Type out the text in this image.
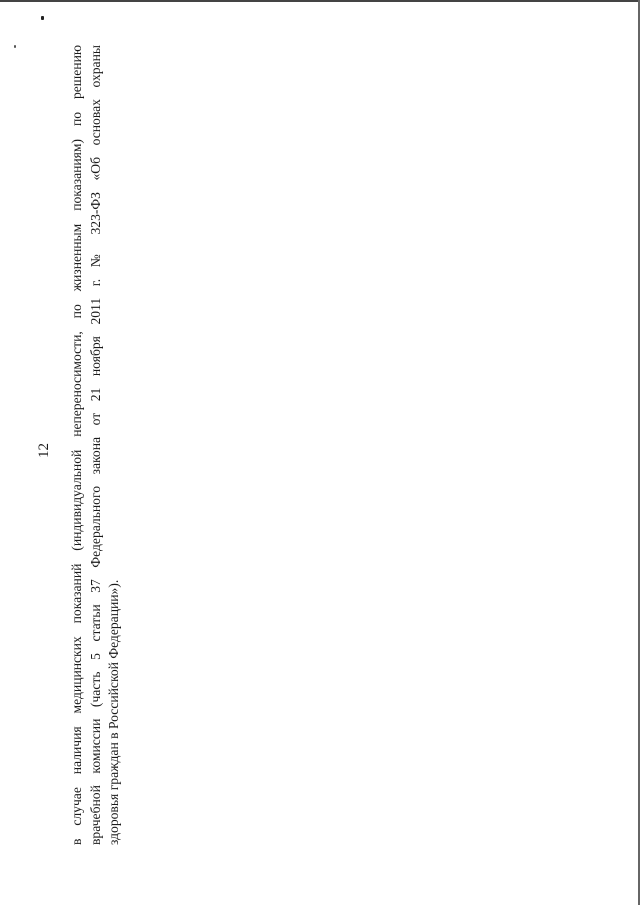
12 в случае наличия медицинских показаний (индивидуальной непереносимости, по жизненным показаниям) по решению врачебной комиссии (часть 5 статьи 37 Федерального закона от 21 ноября 2011 г. № 323-ФЗ «Об основах охраны здоровья граждан в Российской Федерации»).
